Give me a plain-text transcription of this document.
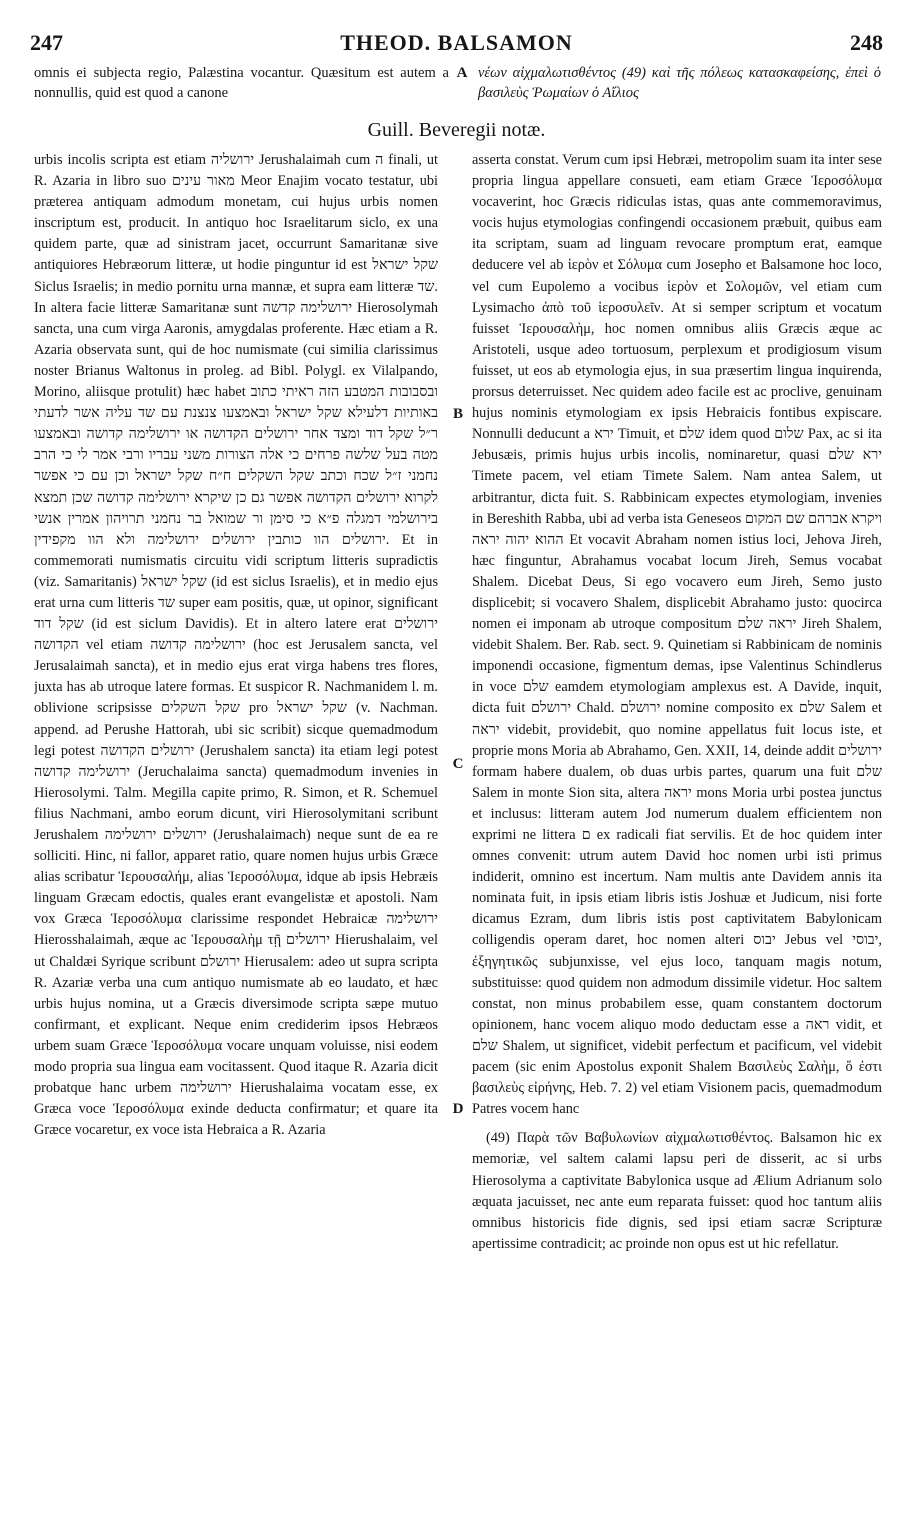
247	THEOD. BALSAMON	248
omnis ei subjecta regio, Palæstina vocantur. Quæsitum est autem a nonnullis, quid est quod a canone
A νέων αἰχμαλωτισθέντος (49) καὶ τῆς πόλεως κατασκαφείσης, ἐπεὶ ὁ βασιλεὺς Ῥωμαίων ὁ Αἴλιος
Guill. Beveregii notæ.

urbis incolis scripta est etiam ירושליה Jerushalaimah cum ה finali, ut R. Azaria in libro suo מאור עינים Meor Enajim vocato testatur, ubi præterea antiquam admodum monetam, cui hujus urbis nomen inscriptum est, producit. In antiquo hoc Israelitarum siclo, ex una quidem parte, quæ ad sinistram jacet, occurrunt Samaritanæ sive antiquiores Hebræorum litteræ, ut hodie pinguntur id est שקל ישראל Siclus Israelis; in medio pornitu urna mannæ, et supra eam litteræ שד. In altera facie litteræ Samaritanæ sunt ירושלימה קדשה Hierosolymah sancta, una cum virga Aaronis, amygdalas proferente. Hæc etiam a R. Azaria observata sunt, qui de hoc numismate (cui similia clarissimus noster Brianus Waltonus in proleg. ad Bibl. Polygl. ex Vilalpando, Morino, aliisque protulit) hæc habet ובסבובות המטבע הזה ראיתי כתוב באותיות דלעילא שקל ישראל ובאמצעו צנצנת עם שד עליה אשר לדעתי ר״ל שקל דוד ומצד אחר ירושלים הקדושה או ירושלימה קדושה ובאמצעו מטה בעל שלשה פרחים כי אלה הצורות משני עבריו ורבי אמר לי כי הרב נחמני ז״ל שכח וכתב שקל השקלים ח״ח שקל ישראל וכן עם כי אפשר לקרוא ירושלים הקדושה אפשר גם כן שיקרא ירושלימה קדושה שכן תמצא בירושלמי דמגלה פ״א כי סימן ור שמואל בר נחמני תרויהון אמרין אנשי ירושלים הוו כותבין ירושלים ירושלימה ולא הוו מקפידין. Et in commemorati numismatis circuitu vidi scriptum litteris supradictis (viz. Samaritanis) שקל ישראל (id est siclus Israelis), et in medio ejus erat urna cum litteris שד super eam positis, quæ, ut opinor, significant שקל דוד (id est siclum Davidis). Et in altero latere erat ירושלים הקדושה vel etiam ירושלימה קדושה (hoc est Jerusalem sancta, vel Jerusalaimah sancta), et in medio ejus erat virga habens tres flores, juxta has ab utroque latere formas. Et suspicor R. Nachmanidem l. m. oblivione scripsisse שקל השקלים pro שקל ישראל (v. Nachman. append. ad Perushe Hattorah, ubi sic scribit) sicque quemadmodum legi potest ירושלים הקדושה (Jerushalem sancta) ita etiam legi potest ירושלימה קדושה (Jeruchalaima sancta) quemadmodum invenies in Hierosolymi. Talm. Megilla capite primo, R. Simon, et R. Schemuel filius Nachmani, ambo eorum dicunt, viri Hierosolymitani scribunt Jerushalem ירושלים ירושלימה (Jerushalaimach) neque sunt de ea re solliciti. Hinc, ni fallor, apparet ratio, quare nomen hujus urbis Græce alias scribatur Ἱερουσαλήμ, alias Ἱεροσόλυμα, idque ab ipsis Hebræis linguam Græcam edoctis, quales erant evangelistæ et apostoli. Nam vox Græca Ἱεροσόλυμα clarissime respondet Hebraicæ ירושלימה Hierosshalaimah, æque ac Ἱερουσαλὴμ τῇ ירושלים Hierushalaim, vel ut Chaldæi Syrique scribunt ירושלם Hierusalem: adeo ut supra scripta R. Azariæ verba una cum antiquo numismate ab eo laudato, et hæc urbis hujus nomina, ut a Græcis diversimode scripta sæpe mutuo confirmant, et explicant. Neque enim crediderim ipsos Hebræos urbem suam Græce Ἱεροσόλυμα vocare unquam voluisse, nisi eodem modo propria sua lingua eam vocitassent. Quod itaque R. Azaria dicit probatque hanc urbem ירושלימה Hierushalaima vocatam esse, ex Græca voce Ἱεροσόλυμα exinde deducta confirmatur; et quare ita Græce vocaretur, ex voce ista Hebraica a R. Azaria

B
C
D

asserta constat. Verum cum ipsi Hebræi, metropolim suam ita inter sese propria lingua appellare consueti, eam etiam Græce Ἱεροσόλυμα vocaverint, hoc Græcis ridiculas istas, quas ante commemoravimus, vocis hujus etymologias confingendi occasionem præbuit, quibus eam ita scriptam, suam ad linguam revocare promptum erat, eamque deducere vel ab ἱερὸν et Σόλυμα cum Josepho et Balsamone hoc loco, vel cum Eupolemo a vocibus ἱερὸν et Σολομῶν, vel etiam cum Lysimacho ἀπὸ τοῦ ἱεροσυλεῖν. At si semper scriptum et vocatum fuisset Ἱερουσαλὴμ, hoc nomen omnibus aliis Græcis æque ac Aristoteli, usque adeo tortuosum, perplexum et prodigiosum visum fuisset, ut eos ab etymologia ejus, in sua præsertim lingua inquirenda, prorsus deterruisset. Nec quidem adeo facile est ac proclive, genuinam hujus nominis etymologiam ex ipsis Hebraicis fontibus expiscare. Nonnulli deducunt a ירא Timuit, et שלם idem quod שלום Pax, ac si ita Jebusæis, primis hujus urbis incolis, nominaretur, quasi ירא שלם Timete pacem, vel etiam Timete Salem. Nam antea Salem, ut arbitrantur, dicta fuit. S. Rabbinicam expectes etymologiam, invenies in Bereshith Rabba, ubi ad verba ista Geneseos ויקרא אברהם שם המקום ההוא יהוה יראה Et vocavit Abraham nomen istius loci, Jehova Jireh, hæc finguntur, Abrahamus vocabat locum Jireh, Semus vocabat Shalem. Dicebat Deus, Si ego vocavero eum Jireh, Semo justo displicebit; si vocavero Shalem, displicebit Abrahamo justo: quocirca nomen ei imponam ab utroque compositum יראה שלם Jireh Shalem, videbit Shalem. Ber. Rab. sect. 9. Quinetiam si Rabbinicam de nominis imponendi occasione, figmentum demas, ipse Valentinus Schindlerus in voce שלם eamdem etymologiam amplexus est. A Davide, inquit, dicta fuit ירושלם Chald. ירושלם nomine composito ex שלם Salem et יראה videbit, providebit, quo nomine appellatus fuit locus iste, et proprie mons Moria ab Abrahamo, Gen. XXII, 14, deinde addit ירושלים formam habere dualem, ob duas urbis partes, quarum una fuit שלם Salem in monte Sion sita, altera יראה mons Moria urbi postea junctus et inclusus: litteram autem Jod numerum dualem efficientem non exprimi ne littera ם ex radicali fiat servilis. Et de hoc quidem inter omnes convenit: utrum autem David hoc nomen urbi isti primus indiderit, omnino est incertum. Nam multis ante Davidem annis ita nominata fuit, in ipsis etiam libris istis Joshuæ et Judicum, nisi forte dicamus Ezram, dum libris istis post captivitatem Babylonicam colligendis operam daret, hoc nomen alteri יבוס Jebus vel יבוסי, ἐξηγητικῶς subjunxisse, vel ejus loco, tanquam magis notum, substituisse: quod quidem non admodum dissimile videtur. Hoc saltem constat, non minus probabilem esse, quam constantem doctorum opinionem, hanc vocem aliquo modo deductam esse a ראה vidit, et שלם Shalem, ut significet, videbit perfectum et pacificum, vel videbit pacem (sic enim Apostolus exponit Shalem Βασιλεὺς Σαλὴμ, ὅ ἐστι βασιλεὺς εἰρήνης, Heb. 7. 2) vel etiam Visionem pacis, quemadmodum Patres vocem hanc

(49) Παρὰ τῶν Βαβυλωνίων αἰχμαλωτισθέντος. Balsamon hic ex memoriæ, vel saltem calami lapsu peri de disserit, ac si urbs Hierosolyma a captivitate Babylonica usque ad Ælium Adrianum solo æquata jacuisset, nec ante eum reparata fuisset: quod hoc tantum aliis omnibus historicis fide dignis, sed ipsi etiam sacræ Scripturæ apertissime contradicit; ac proinde non opus est ut hic refellatur.
